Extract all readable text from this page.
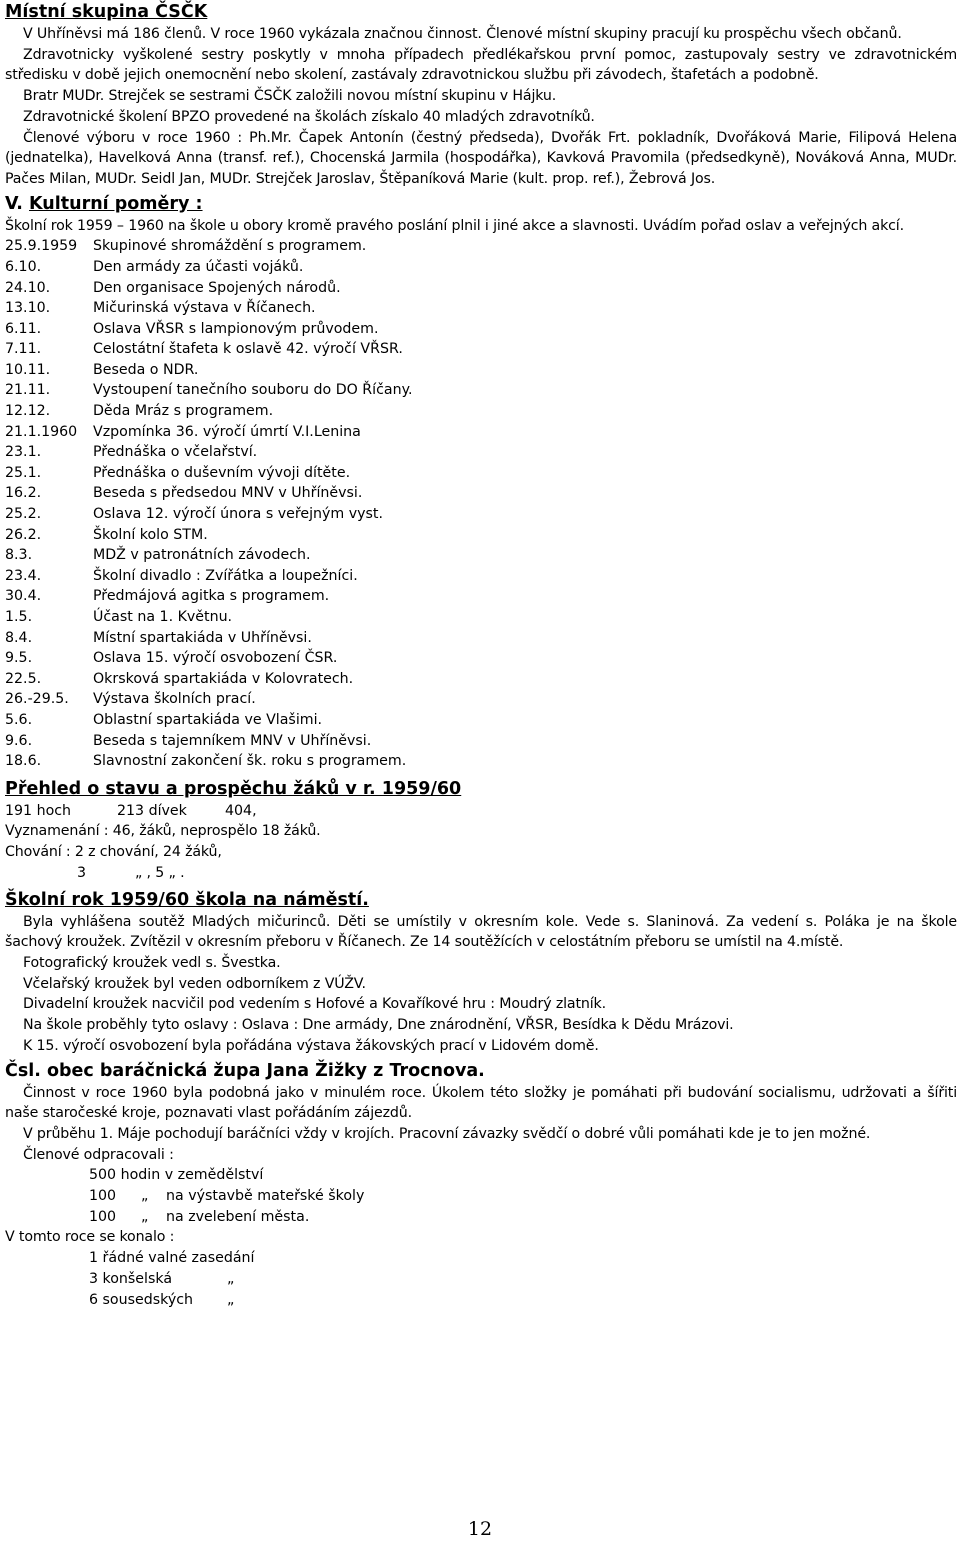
Místní skupina ČSČK

V Uhříněvsi má 186 členů. V roce 1960 vykázala značnou činnost. Členové místní skupiny pracují ku prospěchu všech občanů.

Zdravotnicky vyškolené sestry poskytly v mnoha případech předlékařskou první pomoc, zastupovaly sestry ve zdravotnickém středisku v době jejich onemocnění nebo skolení, zastávaly zdravotnickou službu při závodech, štafetách a podobně.

Bratr MUDr. Strejček se sestrami ČSČK založili novou místní skupinu v Hájku.

Zdravotnické školení BPZO provedené na školách získalo 40 mladých zdravotníků.

Členové výboru v roce 1960 : Ph.Mr. Čapek Antonín (čestný předseda), Dvořák Frt. pokladník, Dvořáková Marie, Filipová Helena (jednatelka), Havelková Anna (transf. ref.), Chocenská Jarmila (hospodářka), Kavková Pravomila (předsedkyně), Nováková Anna, MUDr. Pačes Milan, MUDr. Seidl Jan, MUDr. Strejček Jaroslav, Štěpaníková Marie (kult. prop. ref.), Žebrová Jos.

V. Kulturní poměry :

Školní rok 1959 – 1960 na škole u obory kromě pravého poslání plnil i jiné akce a slavnosti. Uvádím pořad oslav a veřejných akcí.

25.9.1959	Skupinové shromáždění s programem.
6.10.	Den armády za účasti vojáků.
24.10.	Den organisace Spojených národů.
13.10.	Mičurinská výstava v Říčanech.
6.11.	Oslava VŘSR s lampionovým průvodem.
7.11.	Celostátní štafeta k oslavě 42. výročí VŘSR.
10.11.	Beseda o NDR.
21.11.	Vystoupení tanečního souboru do DO Říčany.
12.12.	Děda Mráz s programem.
21.1.1960	Vzpomínka 36. výročí úmrtí V.I.Lenina
23.1.	Přednáška o včelařství.
25.1.	Přednáška o duševním vývoji dítěte.
16.2.	Beseda s předsedou MNV v Uhříněvsi.
25.2.	Oslava 12. výročí února s veřejným vyst.
26.2.	Školní kolo STM.
8.3.	MDŽ v patronátních závodech.
23.4.	Školní divadlo : Zvířátka a loupežníci.
30.4.	Předmájová agitka s programem.
1.5.	Účast na 1. Květnu.
8.4.	Místní spartakiáda v Uhříněvsi.
9.5.	Oslava 15. výročí osvobození ČSR.
22.5.	Okrsková spartakiáda v Kolovratech.
26.-29.5.	Výstava školních prací.
5.6.	Oblastní spartakiáda ve Vlašimi.
9.6.	Beseda s tajemníkem MNV v Uhříněvsi.
18.6.	Slavnostní zakončení šk. roku s programem.
Přehled o stavu a prospěchu žáků v r. 1959/60
191 hoch	213 dívek	404,

Vyznamenání : 46, žáků, neprospělo 18 žáků.

Chování : 2 z chování, 24 žáků,

3	„ , 5 „ .

Školní rok 1959/60 škola na náměstí.

Byla vyhlášena soutěž Mladých mičurinců. Děti se umístily v okresním kole. Vede s. Slaninová. Za vedení s. Poláka je na škole šachový kroužek. Zvítězil v okresním přeboru v Říčanech. Ze 14 soutěžících v celostátním přeboru se umístil na 4.místě.

Fotografický kroužek vedl s. Švestka.

Včelařský kroužek byl veden odborníkem z VÚŽV.

Divadelní kroužek nacvičil pod vedením s Hofové a Kovaříkové hru : Moudrý zlatník.

Na škole proběhly tyto oslavy : Oslava : Dne armády, Dne znárodnění, VŘSR, Besídka k Dědu Mrázovi.

K 15. výročí osvobození byla pořádána výstava žákovských prací v Lidovém domě.

Čsl. obec baráčnická župa Jana Žižky z Trocnova.

Činnost v roce 1960 byla podobná jako v minulém roce. Úkolem této složky je pomáhati při budování socialismu, udržovati a šířiti naše staročeské kroje, poznavati vlast pořádáním zájezdů.

V průběhu 1. Máje pochodují baráčníci vždy v krojích. Pracovní závazky svědčí o dobré vůli pomáhati kde je to jen možné.

Členové odpracovali :

500 hodin v zemědělství
100	„	na výstavbě mateřské školy
100	„	na zvelebení města.

V tomto roce se konalo :

1 řádné valné zasedání
3 konšelská	„
6 sousedských	„
12
